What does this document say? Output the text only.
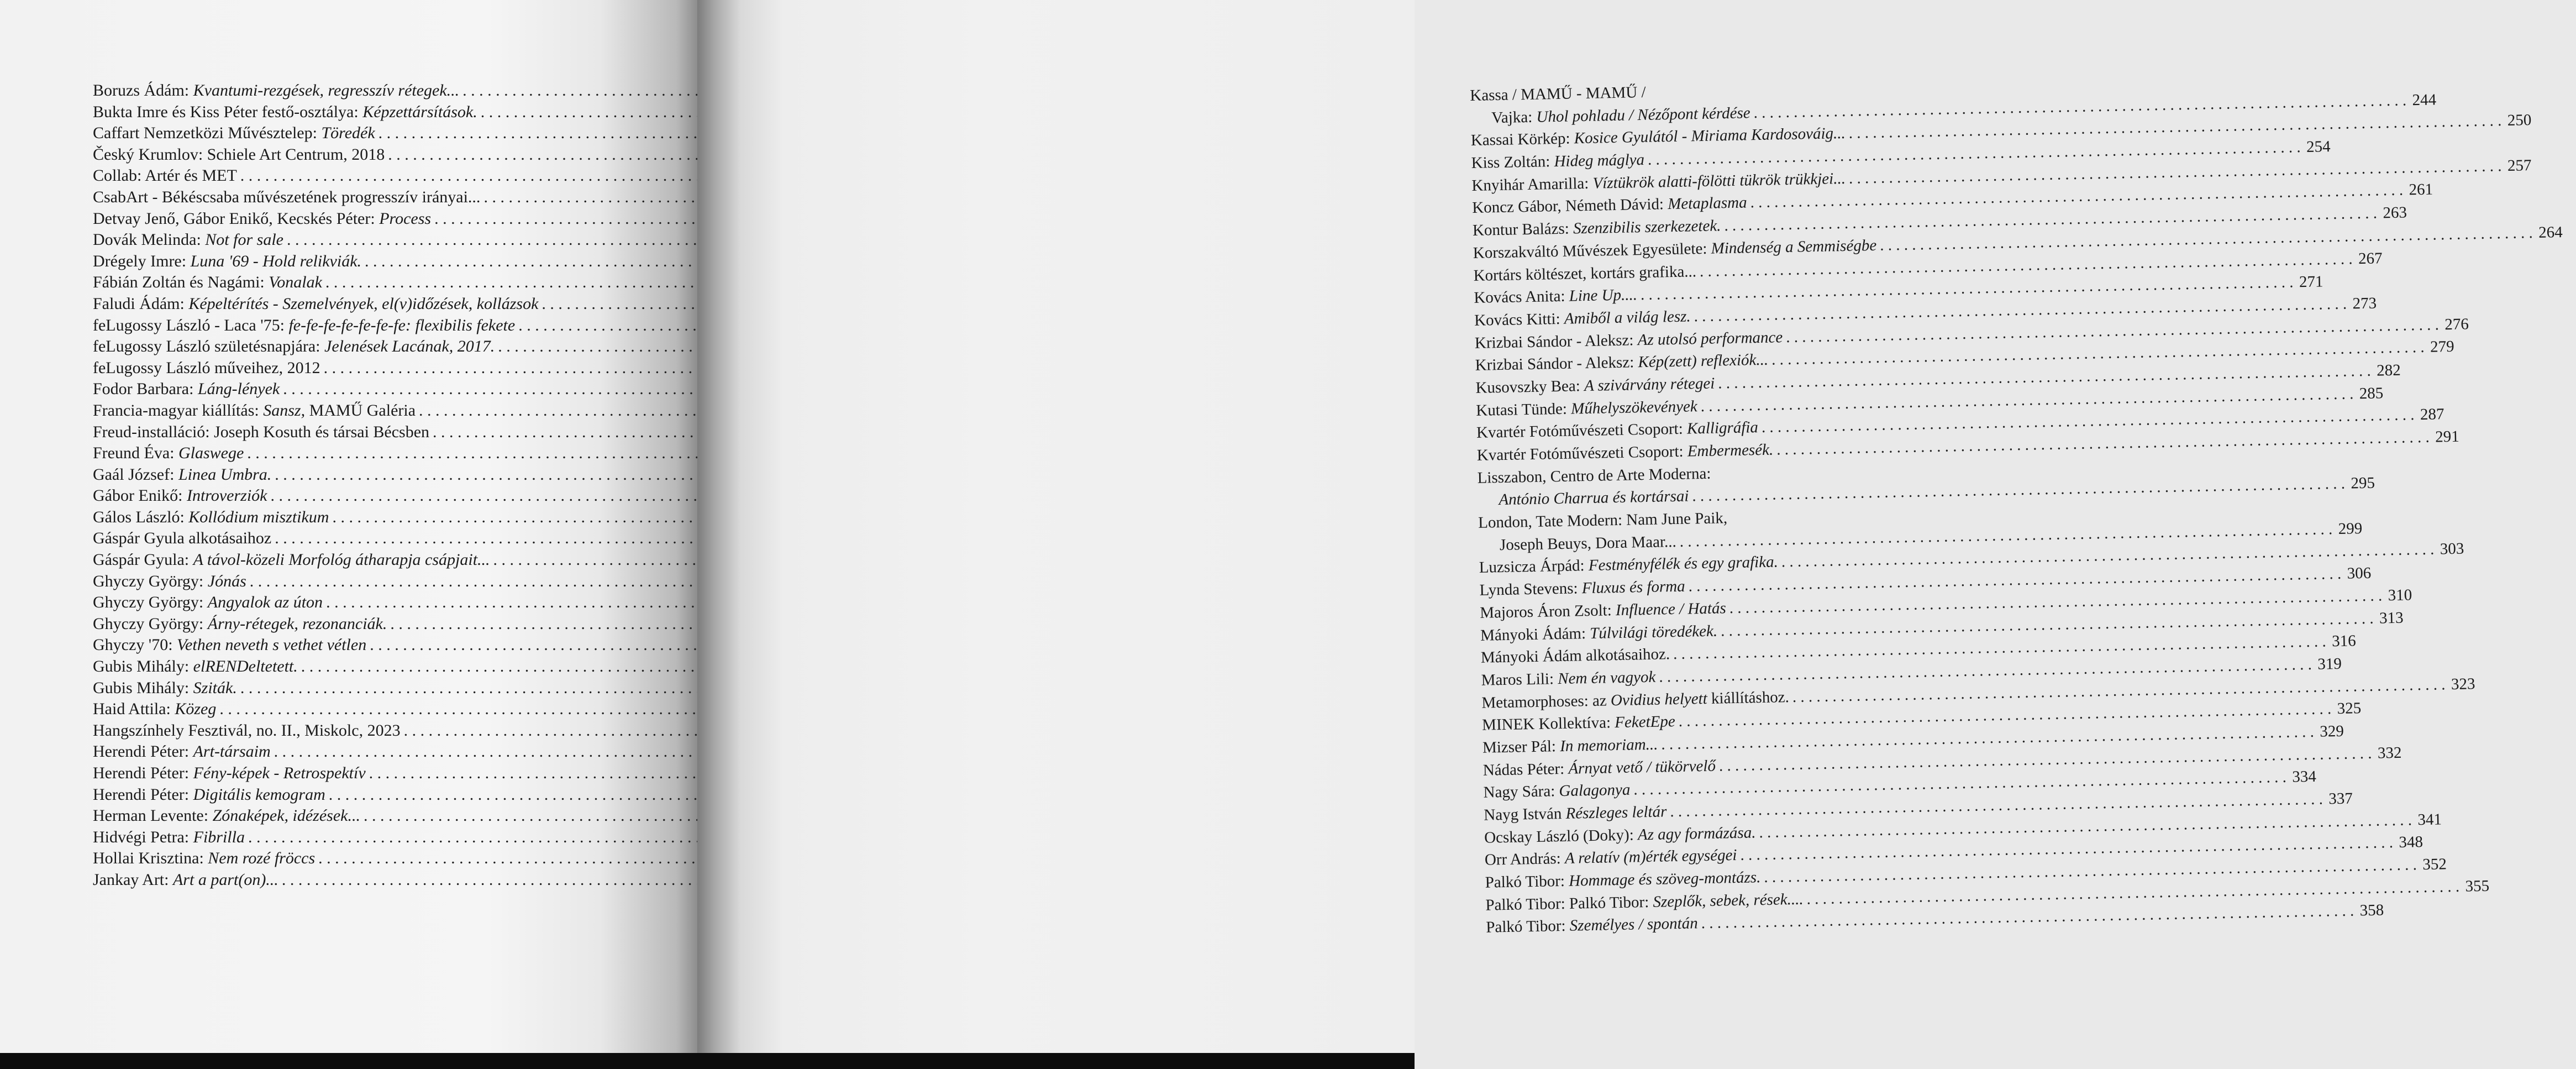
Boruzs Ádám: Kvantumi-rezgések, regresszív rétegek...
. . .
Bukta Imre és Kiss Péter festő-osztálya: Képzettársítások.
. . .
Caffart Nemzetközi Művésztelep: Töredék
. . .
Český Krumlov: Schiele Art Centrum, 2018
. . .
Collab: Artér és MET
. . .
CsabArt - Békéscsaba művészetének progresszív irányai...
. . .
Detvay Jenő, Gábor Enikő, Kecskés Péter: Process
. . .
Dovák Melinda: Not for sale
. . .
Drégely Imre: Luna '69 - Hold relikviák.
. . .
Fábián Zoltán és Nagámi: Vonalak
. . .
Faludi Ádám: Képeltérítés - Szemelvények, el(v)időzések, kollázsok
. . .
feLugossy László - Laca '75: fe-fe-fe-fe-fe-fe-fe: flexibilis fekete
. . .
feLugossy László születésnapjára: Jelenések Lacának, 2017.
. . .
feLugossy László műveihez, 2012
. . .
Fodor Barbara: Láng-lények
. . .
Francia-magyar kiállítás: Sansz, MAMŰ Galéria
. . .
Freud-installáció: Joseph Kosuth és társai Bécsben
. . .
Freund Éva: Glaswege
. . .
Gaál József: Linea Umbra.
. . .
Gábor Enikő: Introverziók
. . .
Gálos László: Kollódium misztikum
. . .
Gáspár Gyula alkotásaihoz
. . .
Gáspár Gyula: A távol-közeli Morfológ átharapja csápjait...
. . .
Ghyczy György: Jónás
. . .
Ghyczy György: Angyalok az úton
. . .
Ghyczy György: Árny-rétegek, rezonanciák.
. . .
Ghyczy '70: Vethen neveth s vethet vétlen
. . .
Gubis Mihály: elRENDeltetett.
. . .
Gubis Mihály: Sziták.
. . .
Haid Attila: Közeg
. . .
Hangszínhely Fesztivál, no. II., Miskolc, 2023
. . .
Herendi Péter: Art-társaim
. . .
Herendi Péter: Fény-képek - Retrospektív
. . .
Herendi Péter: Digitális kemogram
. . .
Herman Levente: Zónaképek, idézések...
. . .
Hidvégi Petra: Fibrilla
. . .
Hollai Krisztina: Nem rozé fröccs
. . .
Jankay Art: Art a part(on)...
. . .
Kassa / MAMŰ - MAMŰ /
Vajka: Uhol pohladu / Nézőpont kérdése
. . .
244
Kassai Körkép: Kosice Gyulától - Miriama Kardosováig...
. . .
250
Kiss Zoltán: Hideg máglya
. . .
254
Knyihár Amarilla: Víztükrök alatti-fölötti tükrök trükkjei...
. . .
257
Koncz Gábor, Németh Dávid: Metaplasma
. . .
261
Kontur Balázs: Szenzibilis szerkezetek.
. . .
263
Korszakváltó Művészek Egyesülete: Mindenség a Semmiségbe
. . .
264
Kortárs költészet, kortárs grafika...
. . .
267
Kovács Anita: Line Up....
. . .
271
Kovács Kitti: Amiből a világ lesz.
. . .
273
Krizbai Sándor - Aleksz: Az utolsó performance
. . .
276
Krizbai Sándor - Aleksz: Kép(zett) reflexiók...
. . .
279
Kusovszky Bea: A szivárvány rétegei
. . .
282
Kutasi Tünde: Műhelyszökevények
. . .
285
Kvartér Fotóművészeti Csoport: Kalligráfia
. . .
287
Kvartér Fotóművészeti Csoport: Embermesék.
. . .
291
Lisszabon, Centro de Arte Moderna:
António Charrua és kortársai
. . .
295
London, Tate Modern: Nam June Paik,
Joseph Beuys, Dora Maar...
. . .
299
Luzsicza Árpád: Festményfélék és egy grafika.
. . .
303
Lynda Stevens: Fluxus és forma
. . .
306
Majoros Áron Zsolt: Influence / Hatás
. . .
310
Mányoki Ádám: Túlvilági töredékek.
. . .
313
Mányoki Ádám alkotásaihoz.
. . .
316
Maros Lili: Nem én vagyok
. . .
319
Metamorphoses: az Ovidius helyett kiállításhoz.
. . .
323
MINEK Kollektíva: FeketEpe
. . .
325
Mizser Pál: In memoriam...
. . .
329
Nádas Péter: Árnyat vető / tükörvelő
. . .
332
Nagy Sára: Galagonya
. . .
334
Nayg István Részleges leltár
. . .
337
Ocskay László (Doky): Az agy formázása.
. . .
341
Orr András: A relatív (m)érték egységei
. . .
348
Palkó Tibor: Hommage és szöveg-montázs.
. . .
352
Palkó Tibor: Palkó Tibor: Szeplők, sebek, rések....
. . .
355
Palkó Tibor: Személyes / spontán
. . .
358
